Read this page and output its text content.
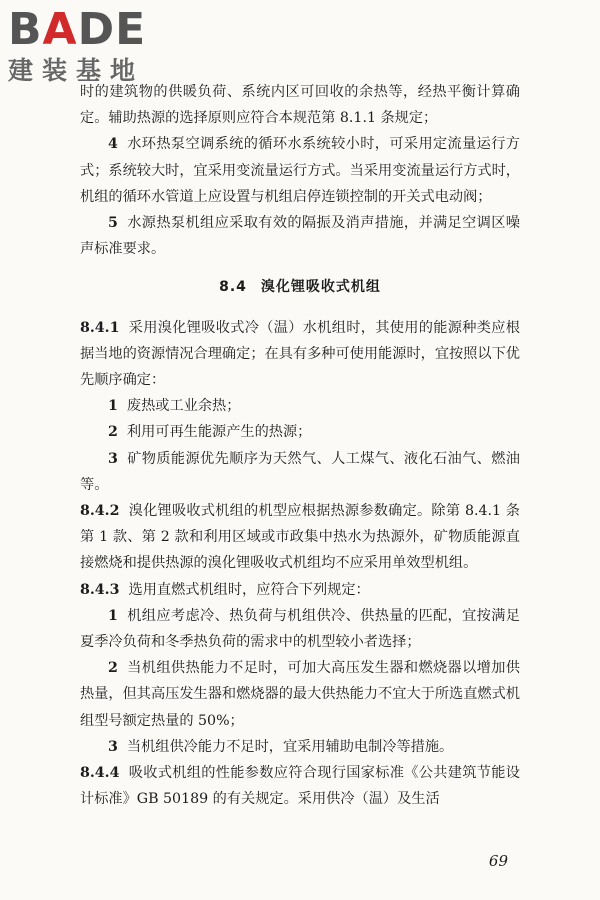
BADE
建装基地

时的建筑物的供暖负荷、系统内区可回收的余热等，经热平衡计算确定。辅助热源的选择原则应符合本规范第 8.1.1 条规定；

4 水环热泵空调系统的循环水系统较小时，可采用定流量运行方式；系统较大时，宜采用变流量运行方式。当采用变流量运行方式时，机组的循环水管道上应设置与机组启停连锁控制的开关式电动阀；

5 水源热泵机组应采取有效的隔振及消声措施，并满足空调区噪声标准要求。

8.4 溴化锂吸收式机组

8.4.1 采用溴化锂吸收式冷（温）水机组时，其使用的能源种类应根据当地的资源情况合理确定；在具有多种可使用能源时，宜按照以下优先顺序确定：

1 废热或工业余热；

2 利用可再生能源产生的热源；

3 矿物质能源优先顺序为天然气、人工煤气、液化石油气、燃油等。

8.4.2 溴化锂吸收式机组的机型应根据热源参数确定。除第 8.4.1 条第 1 款、第 2 款和利用区域或市政集中热水为热源外，矿物质能源直接燃烧和提供热源的溴化锂吸收式机组均不应采用单效型机组。

8.4.3 选用直燃式机组时，应符合下列规定：

1 机组应考虑冷、热负荷与机组供冷、供热量的匹配，宜按满足夏季冷负荷和冬季热负荷的需求中的机型较小者选择；

2 当机组供热能力不足时，可加大高压发生器和燃烧器以增加供热量，但其高压发生器和燃烧器的最大供热能力不宜大于所选直燃式机组型号额定热量的 50%；

3 当机组供冷能力不足时，宜采用辅助电制冷等措施。

8.4.4 吸收式机组的性能参数应符合现行国家标准《公共建筑节能设计标准》GB 50189 的有关规定。采用供冷（温）及生活

69
